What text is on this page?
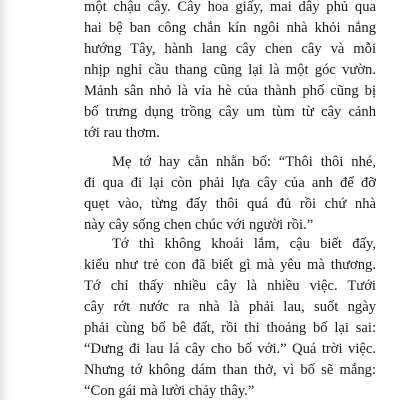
một chậu cây. Cây hoa giấy, mai dây phủ qua
hai bệ ban công chắn kín ngôi nhà khỏi nắng
hướng Tây, hành lang cây chen cây và mỗi
nhịp nghỉ cầu thang cũng lại là một góc vườn.
Mảnh sân nhỏ là vỉa hè của thành phố cũng bị
bố trưng dụng trồng cây um tùm từ cây cảnh
tới rau thơm.
Mẹ tớ hay cằn nhằn bố: “Thôi thôi nhé,
đi qua đi lại còn phải lựa cây của anh để đỡ
quẹt vào, từng đấy thôi quá đủ rồi chứ nhà
này cây sống chen chúc với người rồi.”
Tớ thì không khoái lắm, cậu biết đấy,
kiểu như trẻ con đã biết gì mà yêu mà thương.
Tớ chỉ thấy nhiều cây là nhiều việc. Tưới
cây rớt nước ra nhà là phải lau, suốt ngày
phải cùng bố bê đất, rồi thi thoảng bố lại sai:
“Dưng đi lau lá cây cho bố với.” Quá trời việc.
Nhưng tớ không dám than thở, vì bố sẽ mắng:
“Con gái mà lười chảy thây.”
